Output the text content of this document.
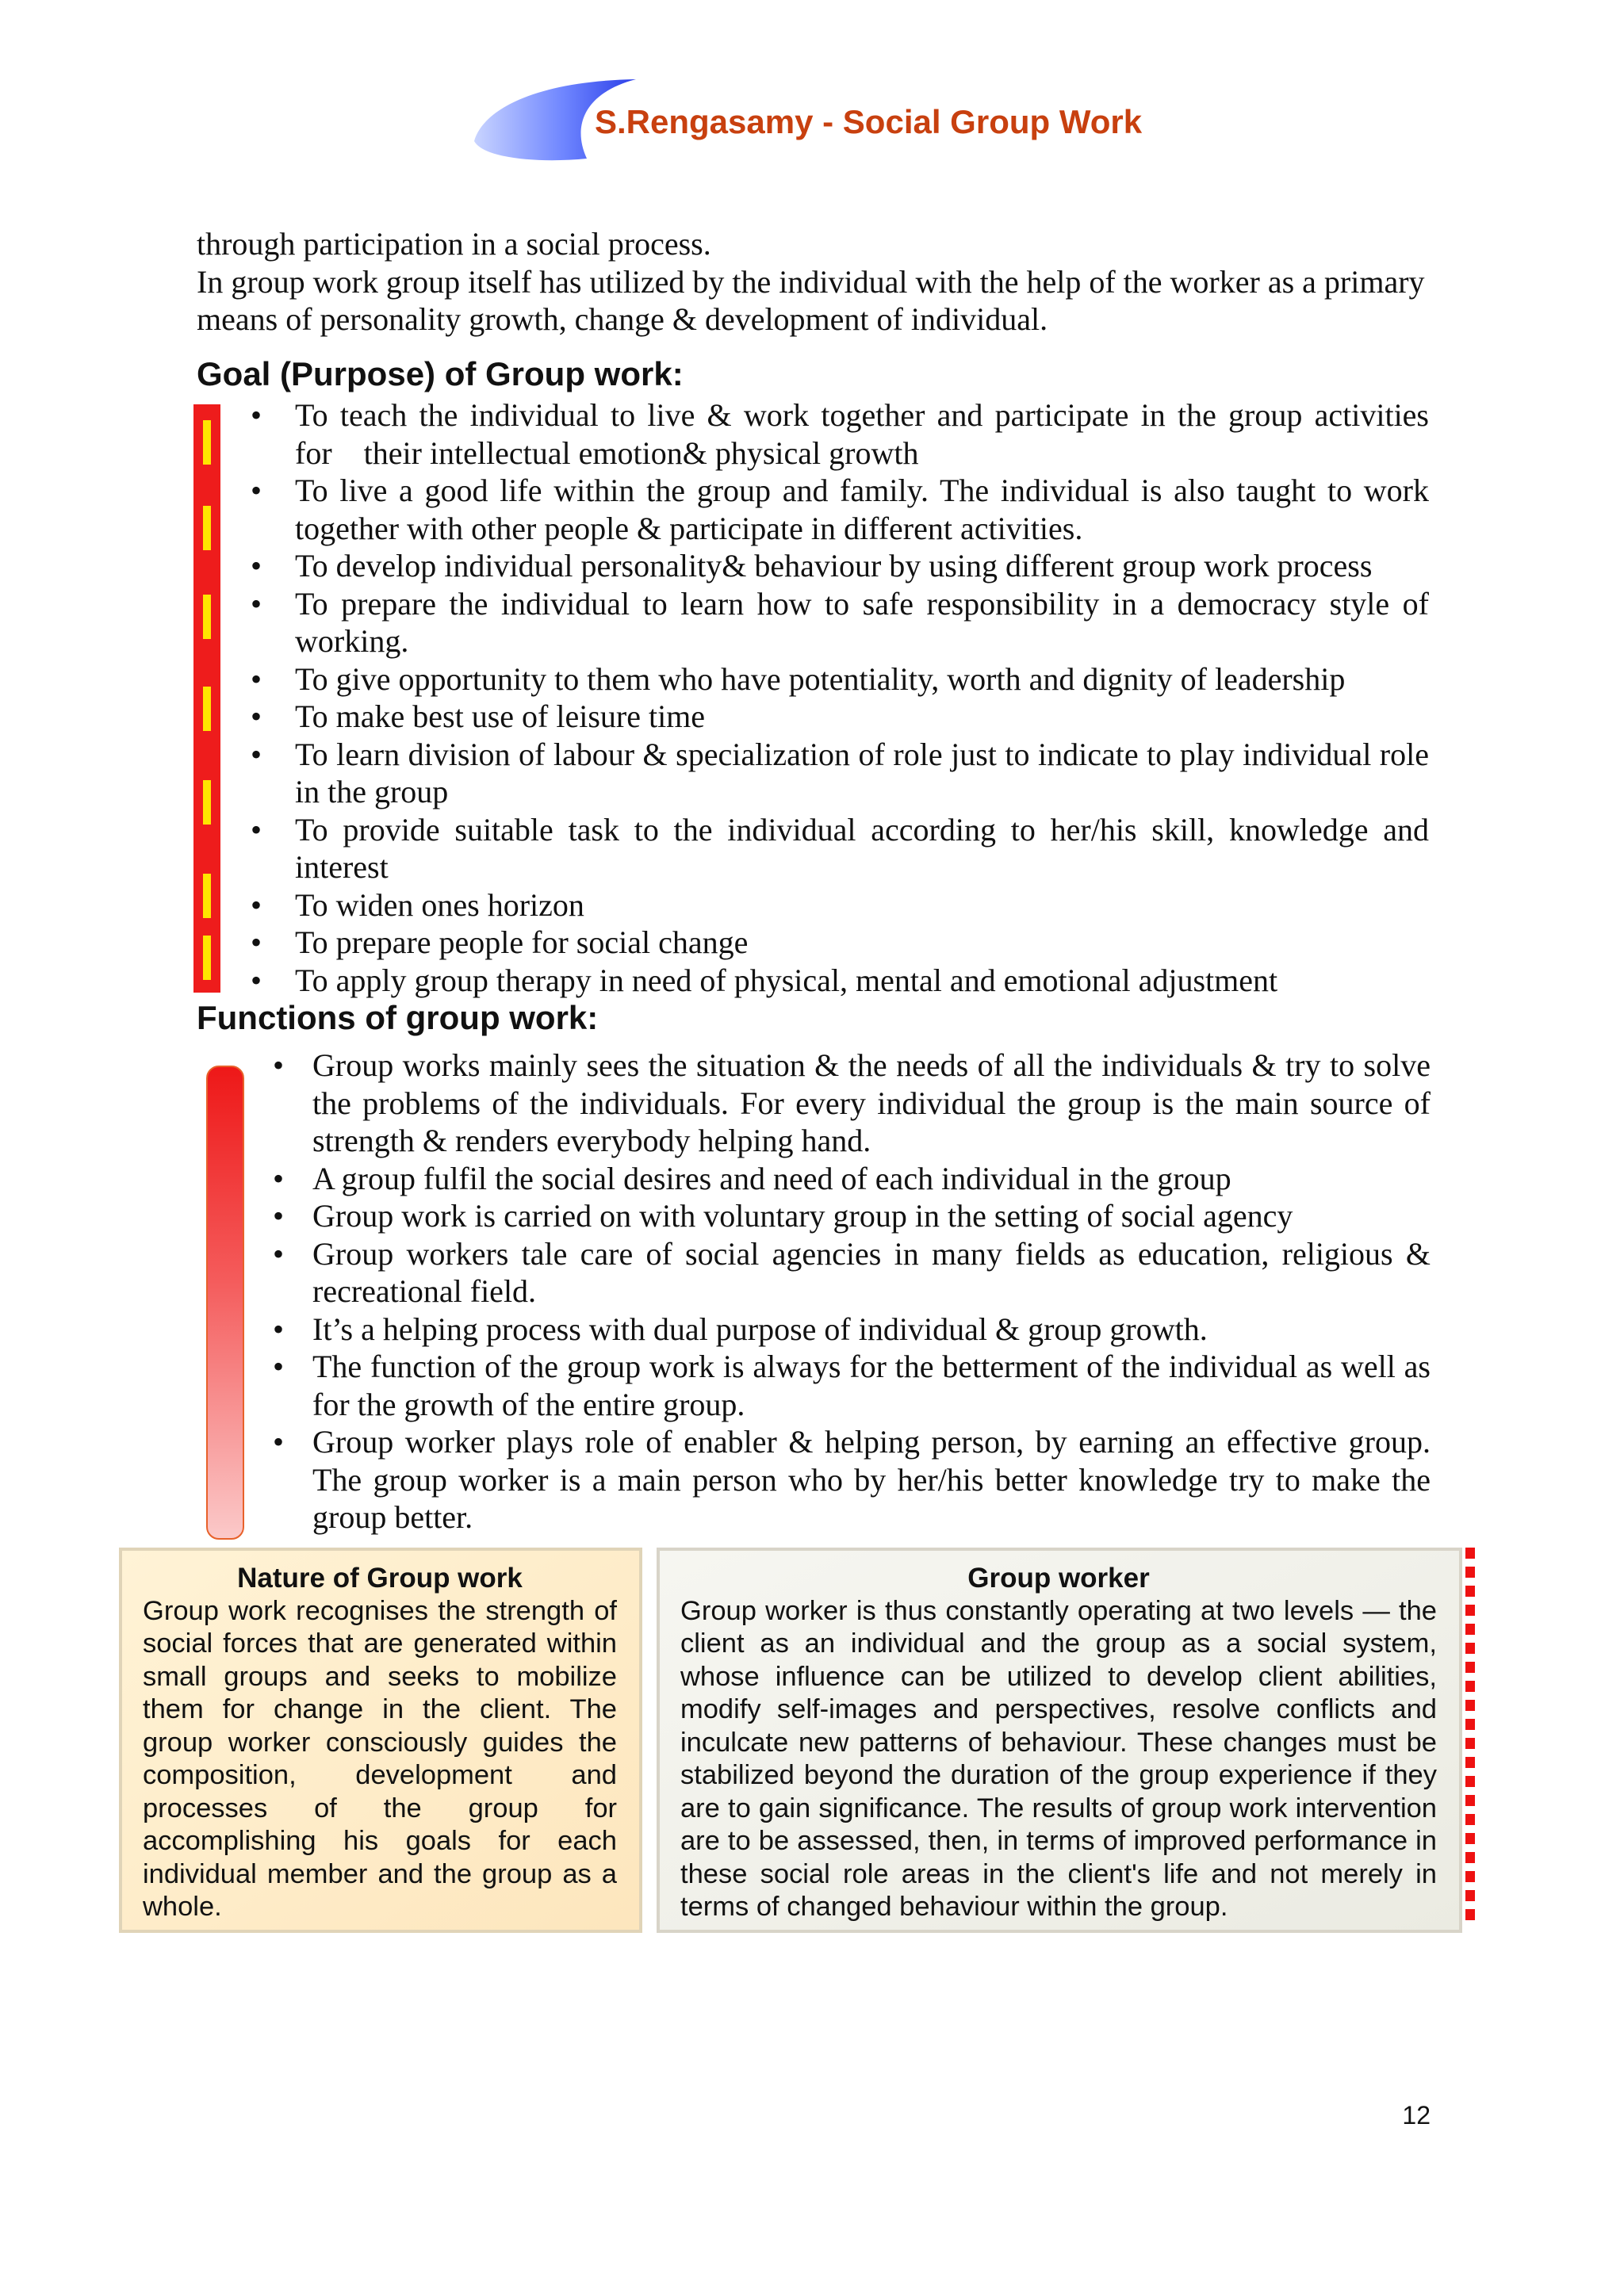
S.Rengasamy - Social Group Work

through participation in a social process.

In group work group itself has utilized by the individual with the help of the worker as a primary means of personality growth, change & development of individual.

Goal (Purpose) of Group work:
• To teach the individual to live & work together and participate in the group activities for    their intellectual emotion& physical growth
• To live a good life within the group and family. The individual is also taught to work together with other people & participate in different activities.
• To develop individual personality& behaviour by using different group work process
• To prepare the individual to learn how to safe responsibility in a democracy style of working.
• To give opportunity to them who have potentiality, worth and dignity of leadership
• To make best use of leisure time
• To learn division of labour & specialization of role just to indicate to play individual role in the group
• To provide suitable task to the individual according to her/his skill, knowledge and interest
• To widen ones horizon
• To prepare people for social change
• To apply group therapy in need of physical, mental and emotional adjustment
Functions of group work:
• Group works mainly sees the situation & the needs of all the individuals & try to solve the problems of the individuals. For every individual the group is the main source of strength & renders everybody helping hand.
• A group fulfil the social desires and need of each individual in the group
• Group work is carried on with voluntary group in the setting of social agency
• Group workers tale care of social agencies in many fields as education, religious & recreational field.
• It’s a helping process with dual purpose of individual & group growth.
• The function of the group work is always for the betterment of the individual as well as for the growth of the entire group.
• Group worker plays role of enabler & helping person, by earning an effective group. The group worker is a main person who by her/his better knowledge try to make the group better.
Nature of Group work

Group work recognises the strength of social forces that are generated within small groups and seeks to mobilize them for change in the client. The group worker consciously guides the composition, development and processes of the group for accomplishing his goals for each individual member and the group as a whole.

Group worker

Group worker is thus constantly operating at two levels — the client as an individual and the group as a social system, whose influence can be utilized to develop client abilities, modify self-images and perspectives, resolve conflicts and inculcate new patterns of behaviour. These changes must be stabilized beyond the duration of the group experience if they are to gain significance. The results of group work intervention are to be assessed, then, in terms of improved performance in these social role areas in the client's life and not merely in terms of changed behaviour within the group.

12
